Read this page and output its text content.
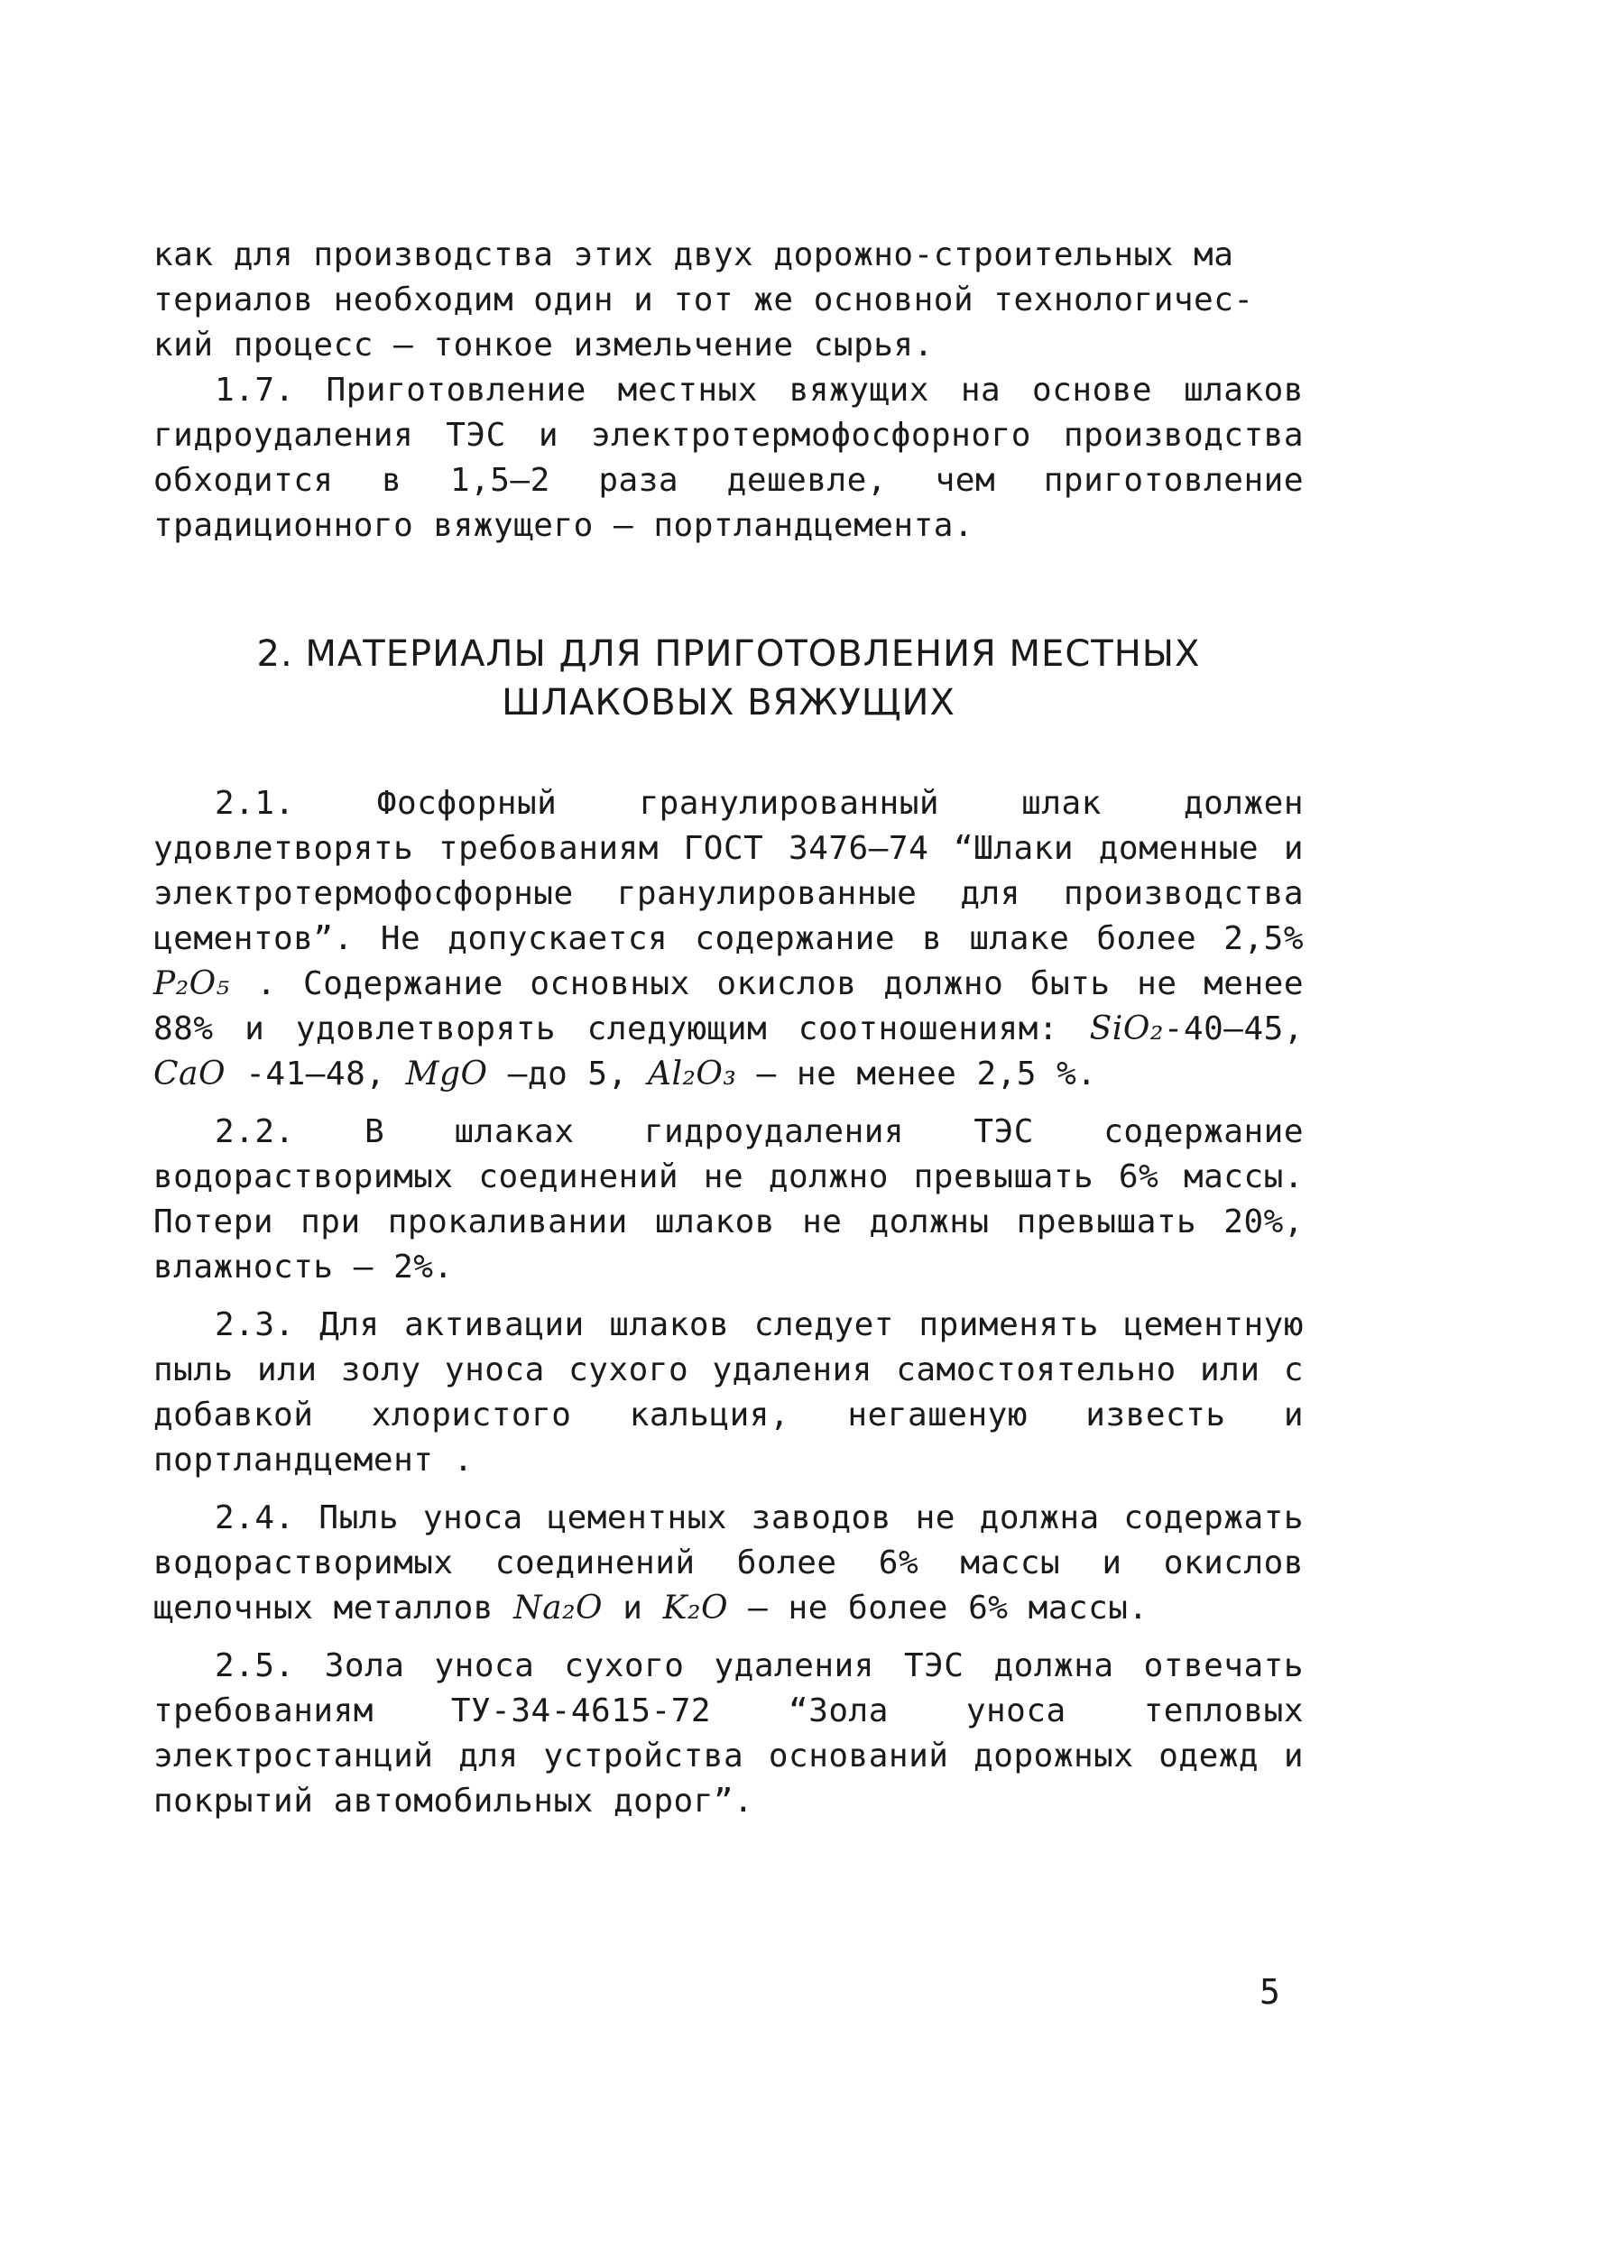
как для производства этих двух дорожно-строительных ма
териалов необходим один и тот же основной технологичес-
кий процесс – тонкое измельчение сырья.

1.7. Приготовление местных вяжущих на основе шлаков гидроудаления ТЭС и электротермофосфорного производства обходится в 1,5–2 раза дешевле, чем приготовление традиционного вяжущего – портландцемента.

2. МАТЕРИАЛЫ ДЛЯ ПРИГОТОВЛЕНИЯ МЕСТНЫХ
ШЛАКОВЫХ ВЯЖУЩИХ

2.1. Фосфорный гранулированный шлак должен удовлетворять требованиям ГОСТ 3476–74 “Шлаки доменные и электротермофосфорные гранулированные для производства цементов”. Не допускается содержание в шлаке более 2,5% P₂O₅ . Содержание основных окислов должно быть не менее 88% и удовлетворять следующим соотношениям: SiO₂-40–45, CaO -41–48, MgO –до 5, Al₂O₃ – не менее 2,5 %.

2.2. В шлаках гидроудаления ТЭС содержание водорастворимых соединений не должно превышать 6% массы. Потери при прокаливании шлаков не должны превышать 20%, влажность – 2%.

2.3. Для активации шлаков следует применять цементную пыль или золу уноса сухого удаления самостоятельно или с добавкой хлористого кальция, негашеную известь и портландцемент .

2.4. Пыль уноса цементных заводов не должна содержать водорастворимых соединений более 6% массы и окислов щелочных металлов Na₂O и K₂O – не более 6% массы.

2.5. Зола уноса сухого удаления ТЭС должна отвечать требованиям ТУ-34-4615-72 “Зола уноса тепловых электростанций для устройства оснований дорожных одежд и покрытий автомобильных дорог”.

5
